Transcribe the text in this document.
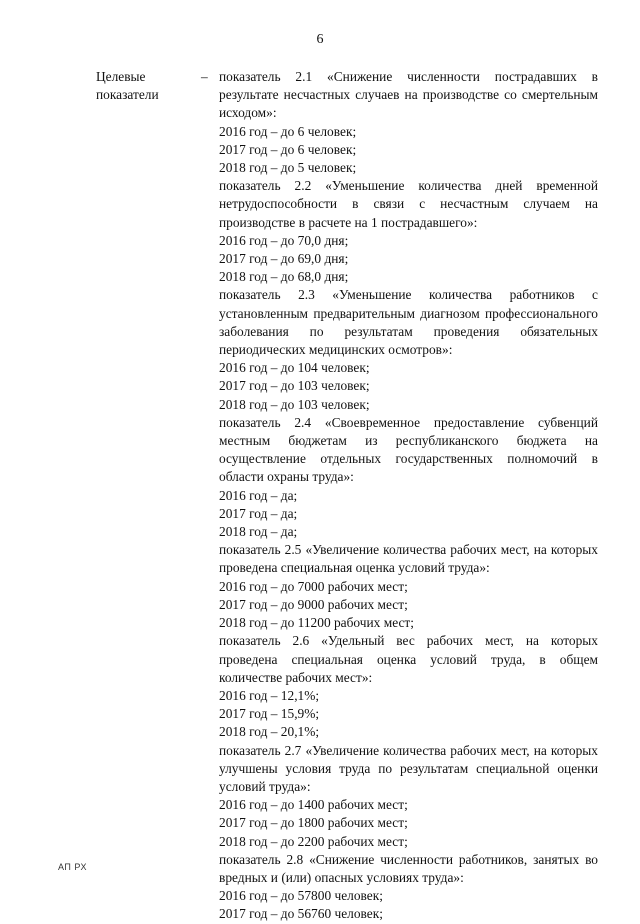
6
Целевые
показатели
– показатель 2.1 «Снижение численности пострадавших в результате несчастных случаев на производстве со смертельным исходом»:
2016 год – до 6 человек;
2017 год – до 6 человек;
2018 год – до 5 человек;
показатель 2.2 «Уменьшение количества дней временной нетрудоспособности в связи с несчастным случаем на производстве в расчете на 1 пострадавшего»:
2016 год – до 70,0 дня;
2017 год – до 69,0 дня;
2018 год – до 68,0 дня;
показатель 2.3 «Уменьшение количества работников с установленным предварительным диагнозом профессионального заболевания по результатам проведения обязательных периодических медицинских осмотров»:
2016 год – до 104 человек;
2017 год – до 103 человек;
2018 год – до 103 человек;
показатель 2.4 «Своевременное предоставление субвенций местным бюджетам из республиканского бюджета на осуществление отдельных государственных полномочий в области охраны труда»:
2016 год – да;
2017 год – да;
2018 год – да;
показатель 2.5 «Увеличение количества рабочих мест, на которых проведена специальная оценка условий труда»:
2016 год – до 7000 рабочих мест;
2017 год – до 9000 рабочих мест;
2018 год – до 11200 рабочих мест;
показатель 2.6 «Удельный вес рабочих мест, на которых проведена специальная оценка условий труда, в общем количестве рабочих мест»:
2016 год – 12,1%;
2017 год – 15,9%;
2018 год – 20,1%;
показатель 2.7 «Увеличение количества рабочих мест, на которых улучшены условия труда по результатам специальной оценки условий труда»:
2016 год – до 1400 рабочих мест;
2017 год – до 1800 рабочих мест;
2018 год – до 2200 рабочих мест;
показатель 2.8 «Снижение численности работников, занятых во вредных и (или) опасных условиях труда»:
2016 год – до 57800 человек;
2017 год – до 56760 человек;
АП РХ
